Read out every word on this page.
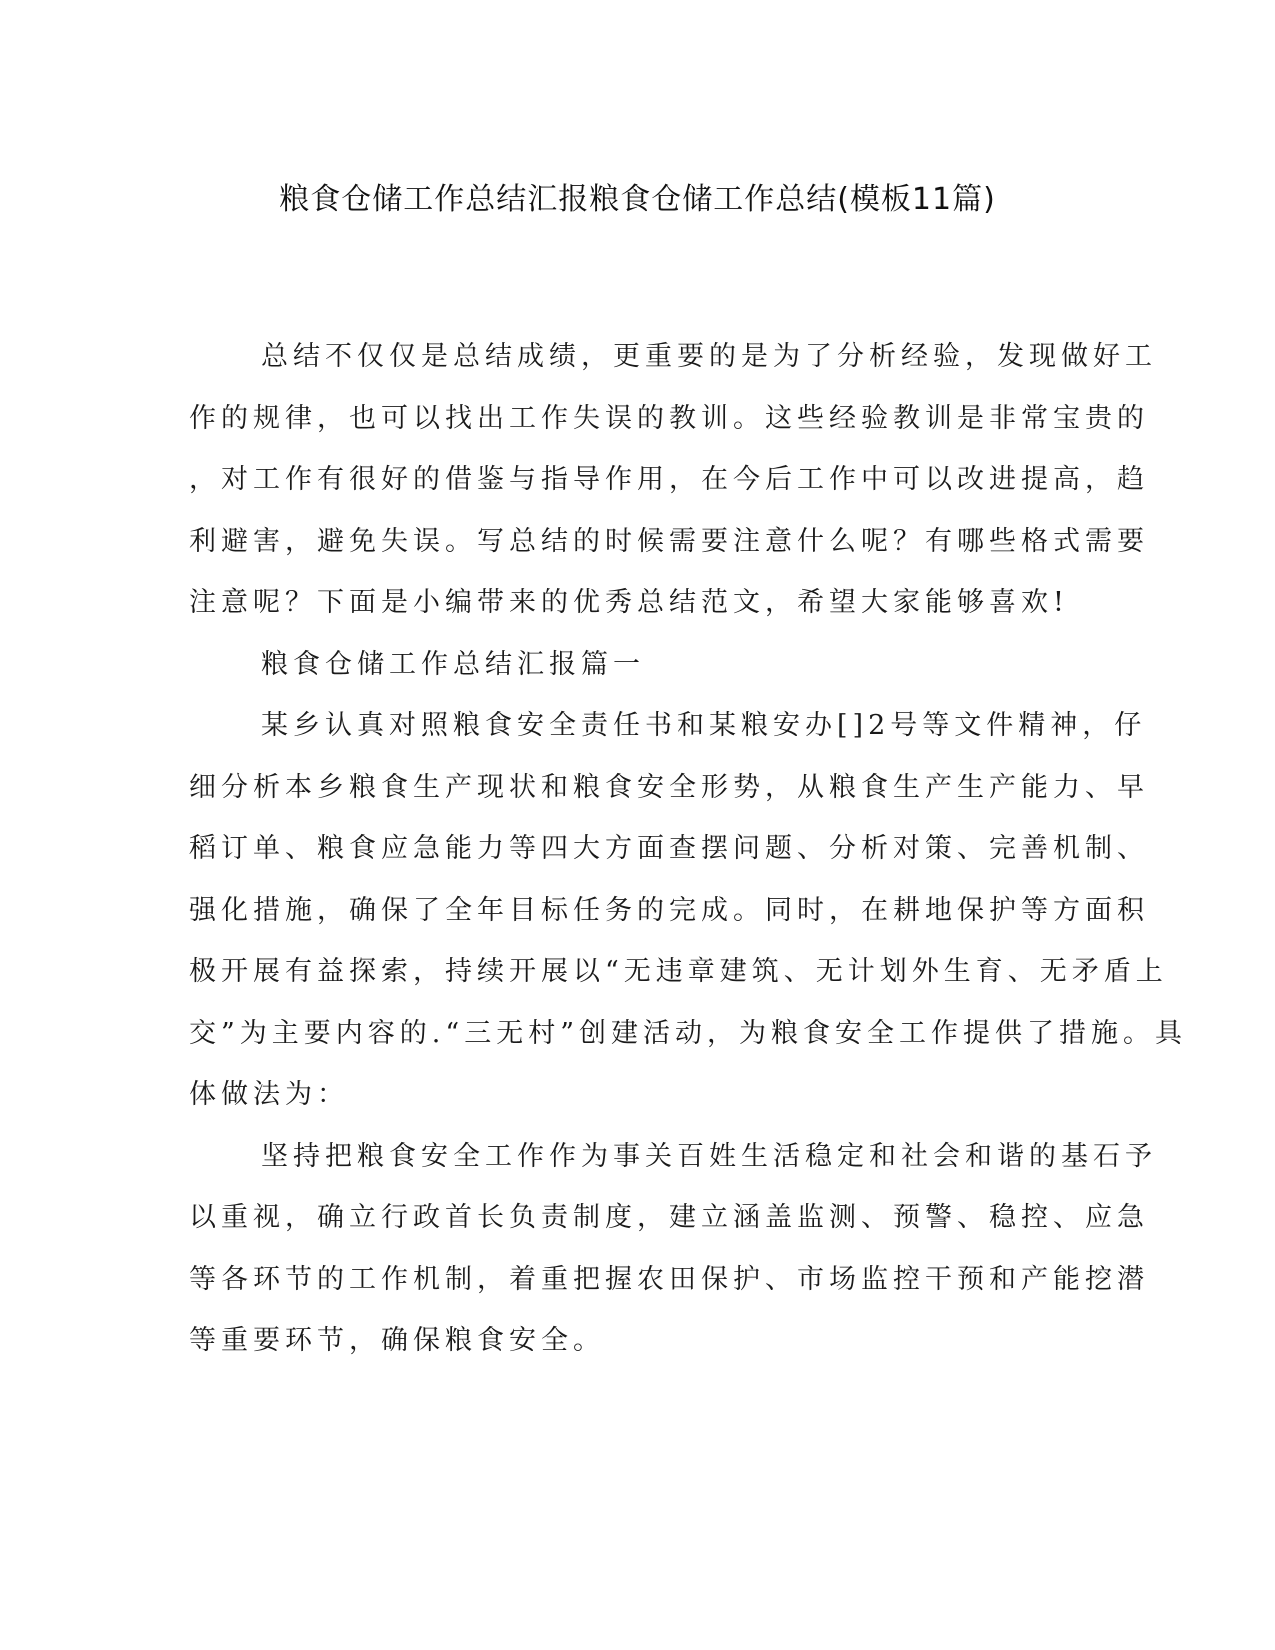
粮食仓储工作总结汇报粮食仓储工作总结(模板11篇)

总结不仅仅是总结成绩，更重要的是为了分析经验，发现做好工
作的规律，也可以找出工作失误的教训。这些经验教训是非常宝贵的
，对工作有很好的借鉴与指导作用，在今后工作中可以改进提高，趋
利避害，避免失误。写总结的时候需要注意什么呢？有哪些格式需要
注意呢？下面是小编带来的优秀总结范文，希望大家能够喜欢!

粮食仓储工作总结汇报篇一

某乡认真对照粮食安全责任书和某粮安办[]2号等文件精神，仔
细分析本乡粮食生产现状和粮食安全形势，从粮食生产生产能力、早
稻订单、粮食应急能力等四大方面查摆问题、分析对策、完善机制、
强化措施，确保了全年目标任务的完成。同时，在耕地保护等方面积
极开展有益探索，持续开展以“无违章建筑、无计划外生育、无矛盾上
交”为主要内容的.“三无村”创建活动，为粮食安全工作提供了措施。具
体做法为：

坚持把粮食安全工作作为事关百姓生活稳定和社会和谐的基石予
以重视，确立行政首长负责制度，建立涵盖监测、预警、稳控、应急
等各环节的工作机制，着重把握农田保护、市场监控干预和产能挖潜
等重要环节，确保粮食安全。
